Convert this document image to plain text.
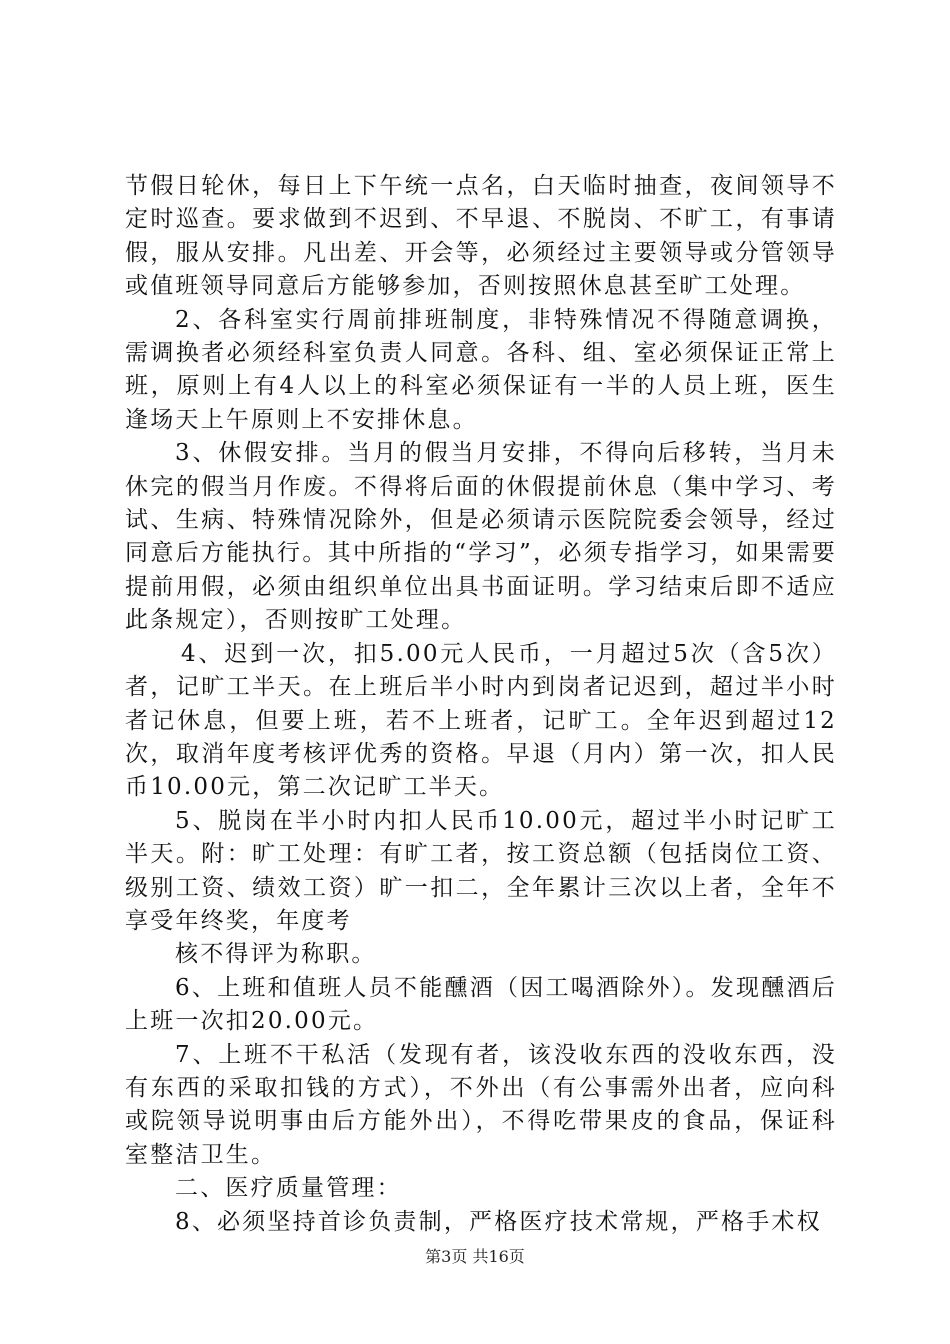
节假日轮休，每日上下午统一点名，白天临时抽查，夜间领导不定时巡查。要求做到不迟到、不早退、不脱岗、不旷工，有事请假，服从安排。凡出差、开会等，必须经过主要领导或分管领导或值班领导同意后方能够参加，否则按照休息甚至旷工处理。

2、各科室实行周前排班制度，非特殊情况不得随意调换，需调换者必须经科室负责人同意。各科、组、室必须保证正常上班，原则上有4人以上的科室必须保证有一半的人员上班，医生逢场天上午原则上不安排休息。

3、休假安排。当月的假当月安排，不得向后移转，当月未休完的假当月作废。不得将后面的休假提前休息（集中学习、考试、生病、特殊情况除外，但是必须请示医院院委会领导，经过同意后方能执行。其中所指的“学习”，必须专指学习，如果需要提前用假，必须由组织单位出具书面证明。学习结束后即不适应此条规定），否则按旷工处理。

4、迟到一次，扣5.00元人民币，一月超过5次（含5次）者，记旷工半天。在上班后半小时内到岗者记迟到，超过半小时者记休息，但要上班，若不上班者，记旷工。全年迟到超过12次，取消年度考核评优秀的资格。早退（月内）第一次，扣人民币10.00元，第二次记旷工半天。

5、脱岗在半小时内扣人民币10.00元，超过半小时记旷工半天。附：旷工处理：有旷工者，按工资总额（包括岗位工资、级别工资、绩效工资）旷一扣二，全年累计三次以上者，全年不享受年终奖，年度考

核不得评为称职。

6、上班和值班人员不能醺酒（因工喝酒除外）。发现醺酒后上班一次扣20.00元。

7、上班不干私活（发现有者，该没收东西的没收东西，没有东西的采取扣钱的方式），不外出（有公事需外出者，应向科或院领导说明事由后方能外出），不得吃带果皮的食品，保证科室整洁卫生。

二、医疗质量管理：

8、必须坚持首诊负责制，严格医疗技术常规，严格手术权

第3页 共16页
